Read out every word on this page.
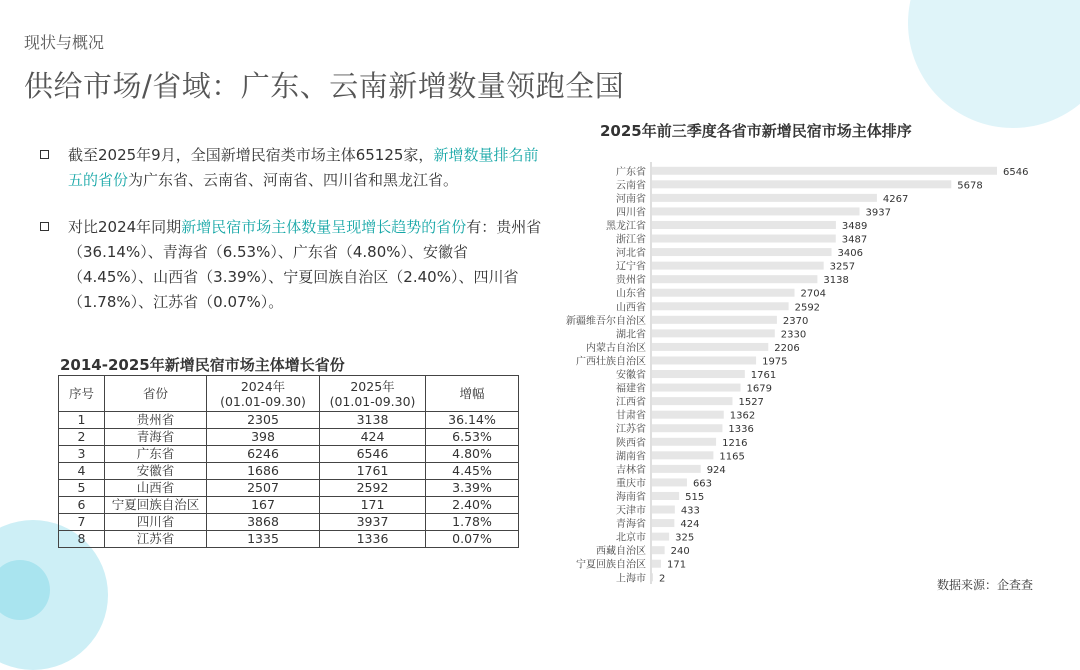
现状与概况
供给市场/省域：广东、云南新增数量领跑全国
截至2025年9月，全国新增民宿类市场主体65125家，新增数量排名前五的省份为广东省、云南省、河南省、四川省和黑龙江省。
对比2024年同期新增民宿市场主体数量呈现增长趋势的省份有：贵州省（36.14%）、青海省（6.53%）、广东省（4.80%）、安徽省（4.45%）、山西省（3.39%）、宁夏回族自治区（2.40%）、四川省（1.78%）、江苏省（0.07%）。
2014-2025年新增民宿市场主体增长省份
序号	省份	2024年
(01.01-09.30)	2025年
(01.01-09.30)	增幅
1	贵州省	2305	3138	36.14%
2	青海省	398	424	6.53%
3	广东省	6246	6546	4.80%
4	安徽省	1686	1761	4.45%
5	山西省	2507	2592	3.39%
6	宁夏回族自治区	167	171	2.40%
7	四川省	3868	3937	1.78%
8	江苏省	1335	1336	0.07%
2025年前三季度各省市新增民宿市场主体排序
广东省	6546
云南省	5678
河南省	4267
四川省	3937
黑龙江省	3489
浙江省	3487
河北省	3406
辽宁省	3257
贵州省	3138
山东省	2704
山西省	2592
新疆维吾尔自治区	2370
湖北省	2330
内蒙古自治区	2206
广西壮族自治区	1975
安徽省	1761
福建省	1679
江西省	1527
甘肃省	1362
江苏省	1336
陕西省	1216
湖南省	1165
吉林省	924
重庆市	663
海南省	515
天津市	433
青海省	424
北京市	325
西藏自治区 240
宁夏回族自治区 171
上海市 2	数据来源：企查查
